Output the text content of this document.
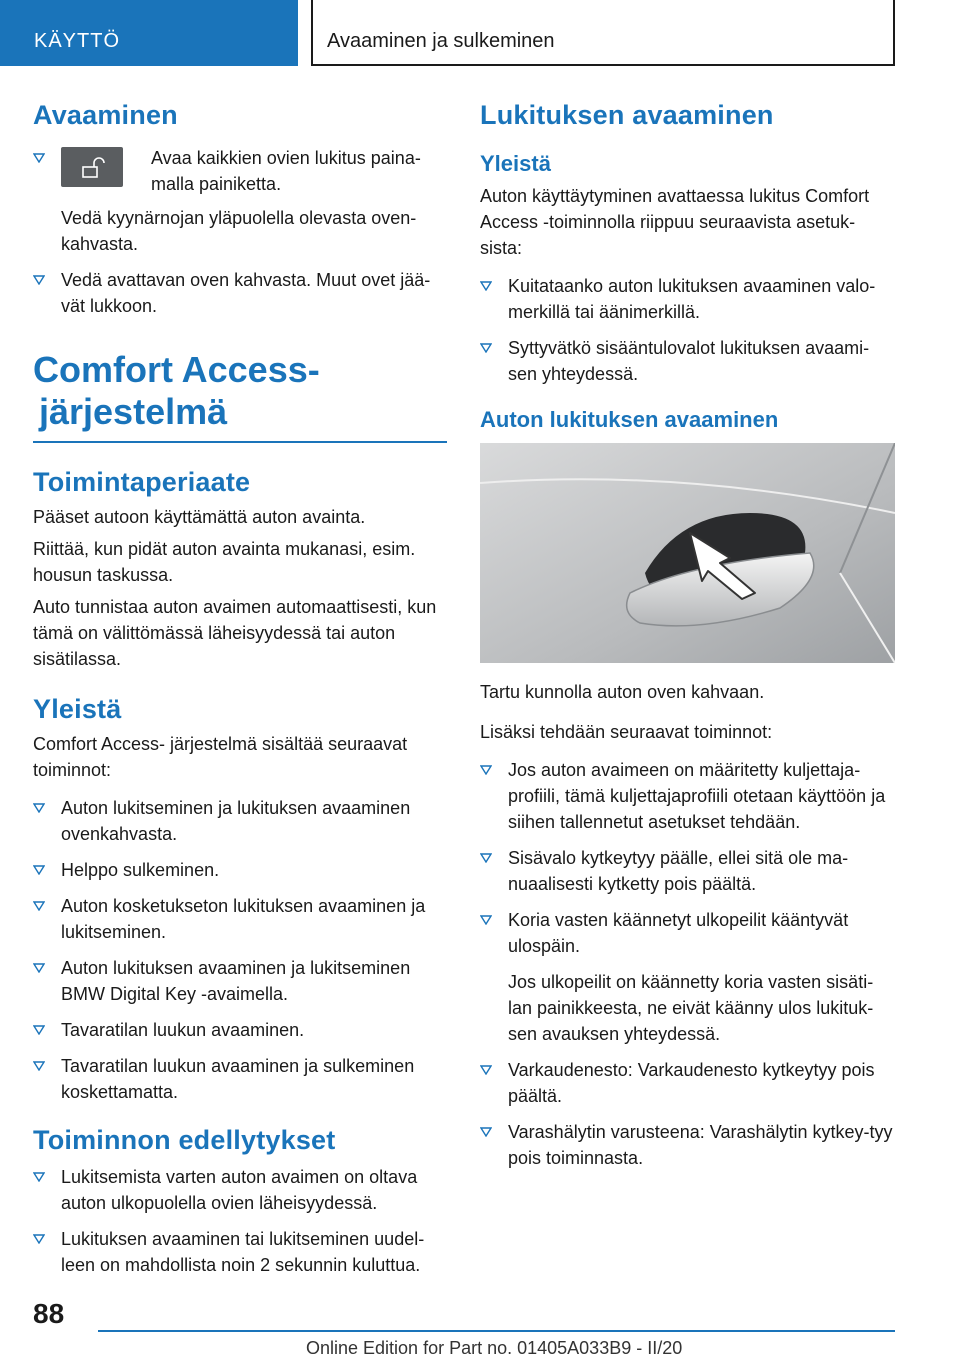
KÄYTTÖ	Avaaminen ja sulkeminen
Avaaminen
Avaa kaikkien ovien lukitus paina-malla painiketta.
Vedä kyynärnojan yläpuolella olevasta oven-kahvasta.
Vedä avattavan oven kahvasta. Muut ovet jää-vät lukkoon.
Comfort Access-
järjestelmä
Toimintaperiaate

Pääset autoon käyttämättä auton avainta.

Riittää, kun pidät auton avainta mukanasi, esim. housun taskussa.

Auto tunnistaa auton avaimen automaattisesti, kun tämä on välittömässä läheisyydessä tai auton sisätilassa.

Yleistä

Comfort Access- järjestelmä sisältää seuraavat toiminnot:

Auton lukitseminen ja lukituksen avaaminen ovenkahvasta.
Helppo sulkeminen.
Auton kosketukseton lukituksen avaaminen ja lukitseminen.
Auton lukituksen avaaminen ja lukitseminen BMW Digital Key -avaimella.
Tavaratilan luukun avaaminen.
Tavaratilan luukun avaaminen ja sulkeminen koskettamatta.
Toiminnon edellytykset
Lukitsemista varten auton avaimen on oltava auton ulkopuolella ovien läheisyydessä.
Lukituksen avaaminen tai lukitseminen uudel-leen on mahdollista noin 2 sekunnin kuluttua.
Lukituksen avaaminen
Yleistä

Auton käyttäytyminen avattaessa lukitus Comfort Access -toiminnolla riippuu seuraavista asetuk-sista:

Kuitataanko auton lukituksen avaaminen valo-merkillä tai äänimerkillä.
Syttyvätkö sisääntulovalot lukituksen avaami-sen yhteydessä.
Auton lukituksen avaaminen

Tartu kunnolla auton oven kahvaan.

Lisäksi tehdään seuraavat toiminnot:

Jos auton avaimeen on määritetty kuljettaja-profiili, tämä kuljettajaprofiili otetaan käyttöön ja siihen tallennetut asetukset tehdään.
Sisävalo kytkeytyy päälle, ellei sitä ole ma-nuaalisesti kytketty pois päältä.
Koria vasten käännetyt ulkopeilit kääntyvät ulospäin.
Jos ulkopeilit on käännetty koria vasten sisäti-lan painikkeesta, ne eivät käänny ulos lukituk-sen avauksen yhteydessä.
Varkaudenesto: Varkaudenesto kytkeytyy pois päältä.
Varashälytin varusteena: Varashälytin kytkey-tyy pois toiminnasta.
88
Online Edition for Part no. 01405A033B9 - II/20
